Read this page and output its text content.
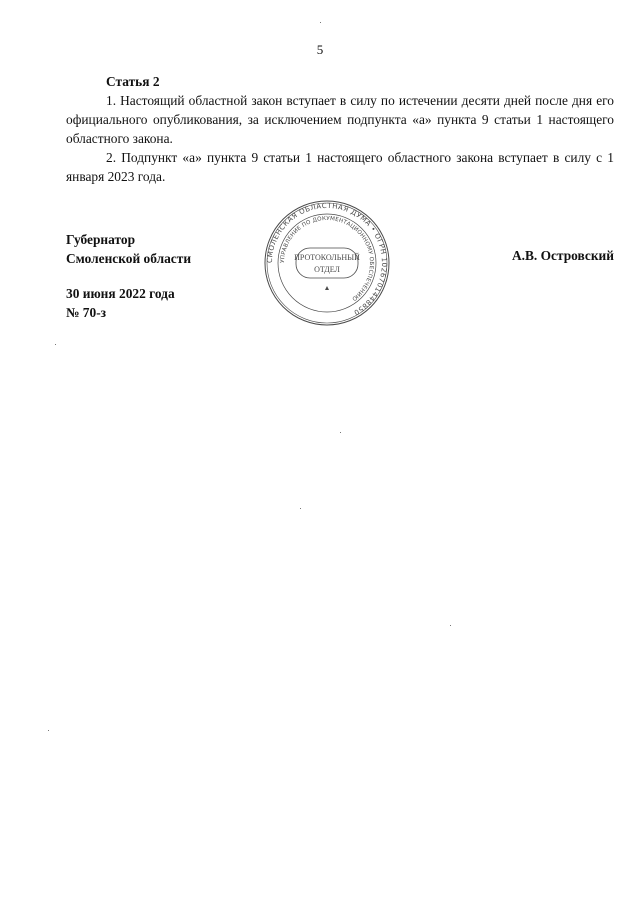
5

Статья 2

1. Настоящий областной закон вступает в силу по истечении десяти дней после дня его официального опубликования, за исключением подпункта «а» пункта 9 статьи 1 настоящего областного закона.

2. Подпункт «а» пункта 9 статьи 1 настоящего областного закона вступает в силу с 1 января 2023 года.

Губернатор
Смоленской области	А.В. Островский
30 июня 2022 года
№ 70-з
СМОЛЕНСКАЯ ОБЛАСТНАЯ ДУМА • ОГРН 1026701448850
УПРАВЛЕНИЕ ПО ДОКУМЕНТАЦИОННОМУ ОБЕСПЕЧЕНИЮ
ПРОТОКОЛЬНЫЙ
ОТДЕЛ
